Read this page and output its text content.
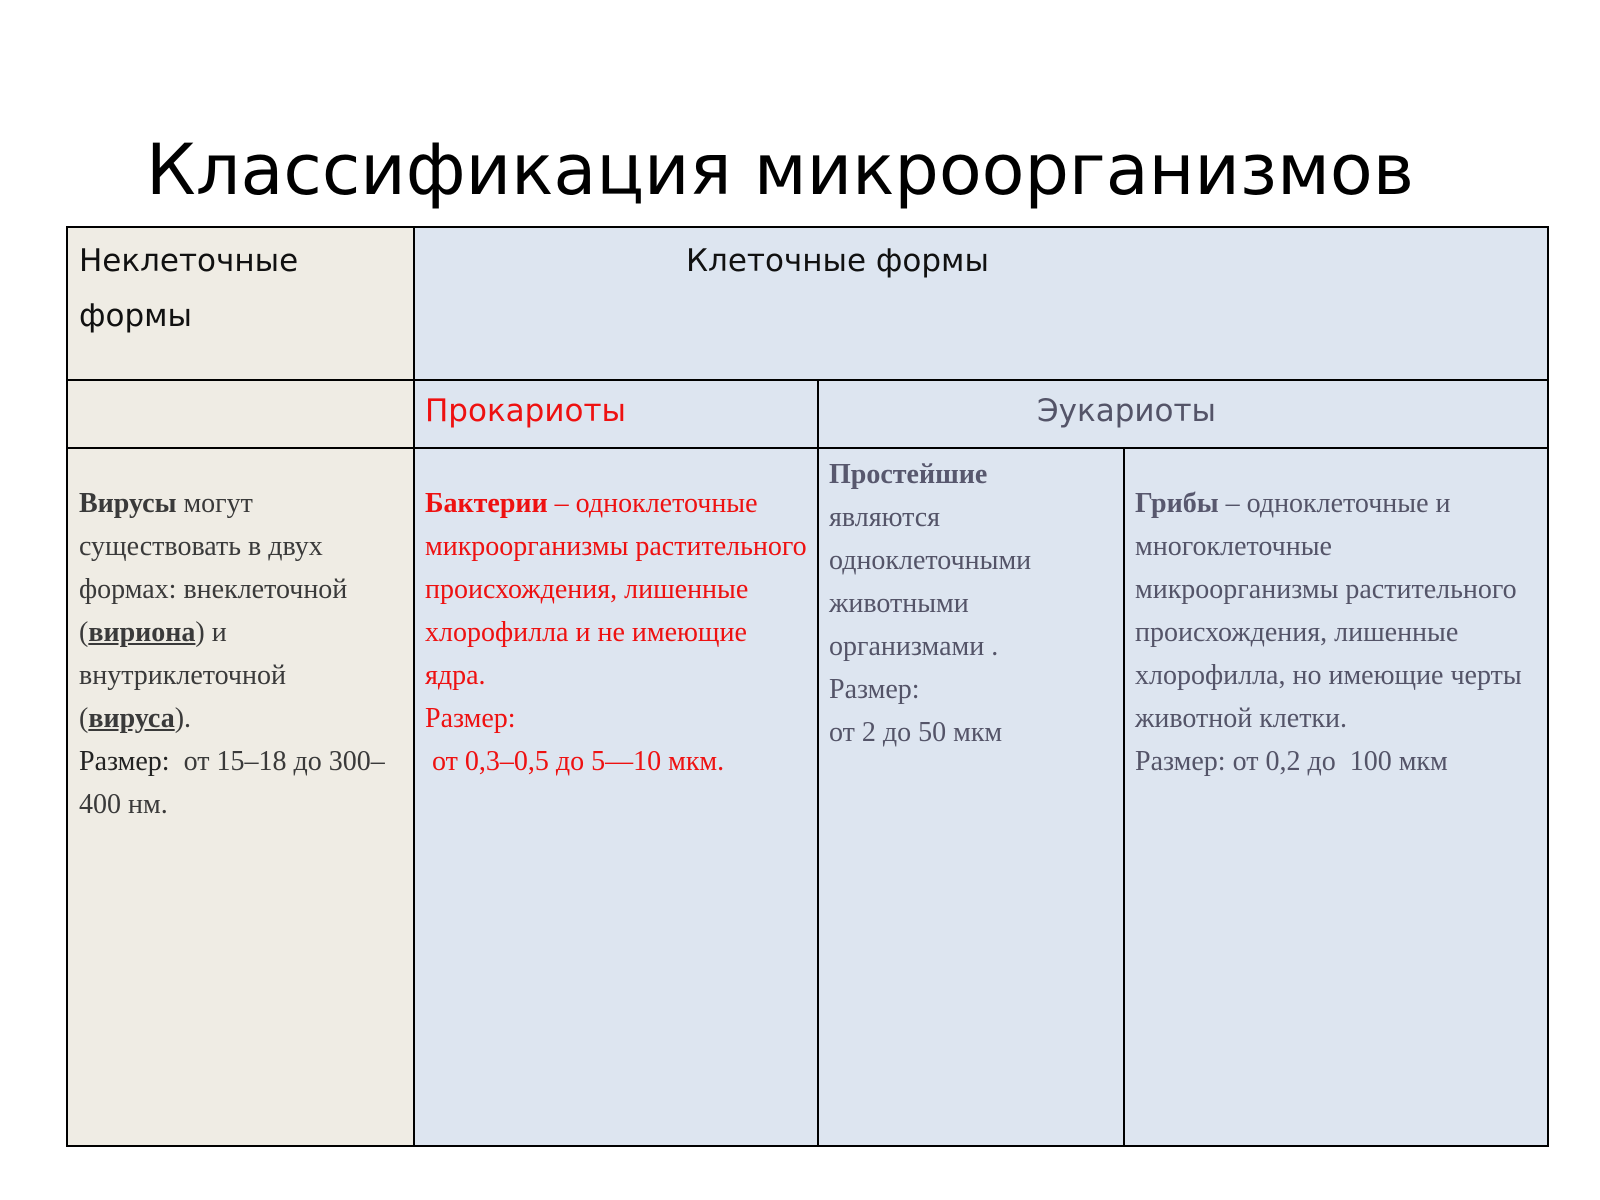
Классификация микроорганизмов
Неклеточные формы
Клеточные формы
Прокариоты	Эукариоты

Вирусы могут существовать в двух формах: внеклеточной (вириона) и внутриклеточной (вируса).

Размер:  от 15–18 до 300–400 нм.

Бактерии – одноклеточные микроорганизмы растительного происхождения, лишенные хлорофилла и не имеющие ядра.

Размер:

от 0,3–0,5 до 5—10 мкм.

Простейшие

являются одноклеточными животными организмами .

Размер:

от 2 до 50 мкм

Грибы – одноклеточные и многоклеточные микроорганизмы растительного происхождения, лишенные хлорофилла, но имеющие черты животной клетки.

Размер: от 0,2 до  100 мкм
